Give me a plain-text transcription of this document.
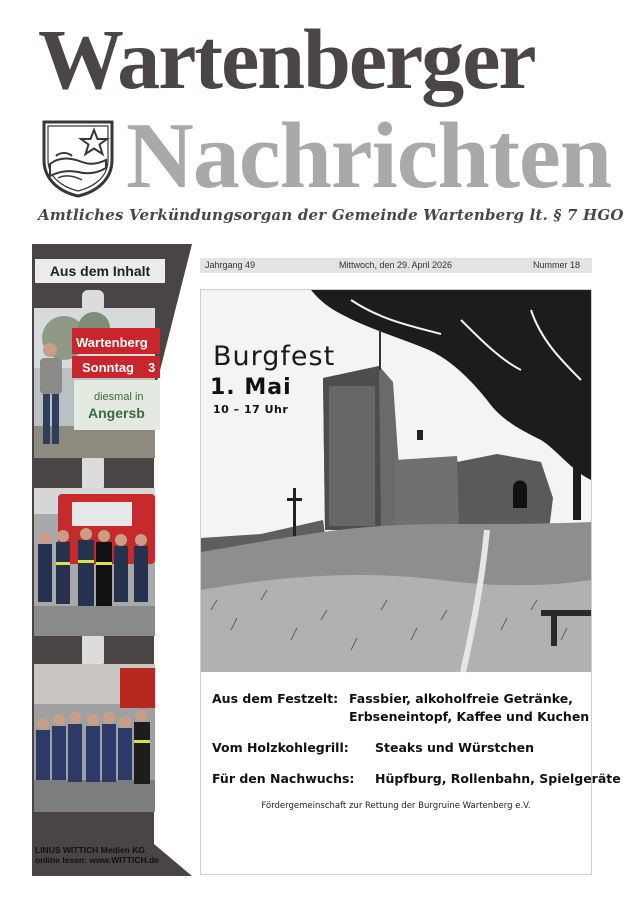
Wartenberger
Nachrichten
Amtliches Verkündungsorgan der Gemeinde Wartenberg lt. § 7 HGO
Aus dem Inhalt
Wartenberg
Sonntag 3
diesmal in
Angersb
LINUS WITTICH Medien KG
online lesen: www.WITTICH.de
Jahrgang 49	Mittwoch, den 29. April 2026	Nummer 18
Burgfest
1. Mai
10 – 17 Uhr
Aus dem Festzelt: Fassbier, alkoholfreie Getränke,
Erbseneintopf, Kaffee und Kuchen
Vom Holzkohlegrill: Steaks und Würstchen
Für den Nachwuchs: Hüpfburg, Rollenbahn, Spielgeräte
Fördergemeinschaft zur Rettung der Burgruine Wartenberg e.V.
